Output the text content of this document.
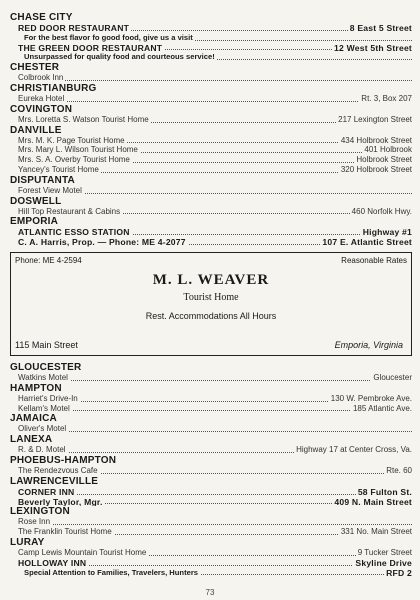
CHASE CITY
RED DOOR RESTAURANT	8 East 5 Street
For the best flavor fo good food, give us a visit
THE GREEN DOOR RESTAURANT	12 West 5th Street
Unsurpassed for quality food and courteous service!
CHESTER
Colbrook Inn
CHRISTIANBURG
Eureka Hotel	Rt. 3, Box 207
COVINGTON
Mrs. Loretta S. Watson Tourist Home	217 Lexington Street
DANVILLE
Mrs. M. K. Page Tourist Home	434 Holbrook Street
Mrs. Mary L. Wilson Tourist Home	401 Holbrook
Mrs. S. A. Overby Tourist Home	Holbrook Street
Yancey's Tourist Home	320 Holbrook Street
DISPUTANTA
Forest View Motel
DOSWELL
Hill Top Restaurant & Cabins	460 Norfolk Hwy.
EMPORIA
ATLANTIC ESSO STATION	Highway #1
C. A. Harris, Prop. — Phone: ME 4-2077	107 E. Atlantic Street
Phone: ME 4-2594	Reasonable Rates
M. L. WEAVER
Tourist Home
Rest. Accommodations All Hours
115 Main Street	Emporia, Virginia
GLOUCESTER
Watkins Motel	Gloucester
HAMPTON
Harriet's Drive-In	130 W. Pembroke Ave.
Kellam's Motel	185 Atlantic Ave.
JAMAICA
Oliver's Motel
LANEXA
R. & D. Motel	Highway 17 at Center Cross, Va.
PHOEBUS-HAMPTON
The Rendezvous Cafe	Rte. 60
LAWRENCEVILLE
CORNER INN	58 Fulton St.
Beverly Taylor, Mgr.	409 N. Main Street
LEXINGTON
Rose Inn
The Franklin Tourist Home	331 No. Main Street
LURAY
Camp Lewis Mountain Tourist Home	9 Tucker Street
HOLLOWAY INN	Skyline Drive
Special Attention to Families, Travelers, Hunters	RFD 2
73
